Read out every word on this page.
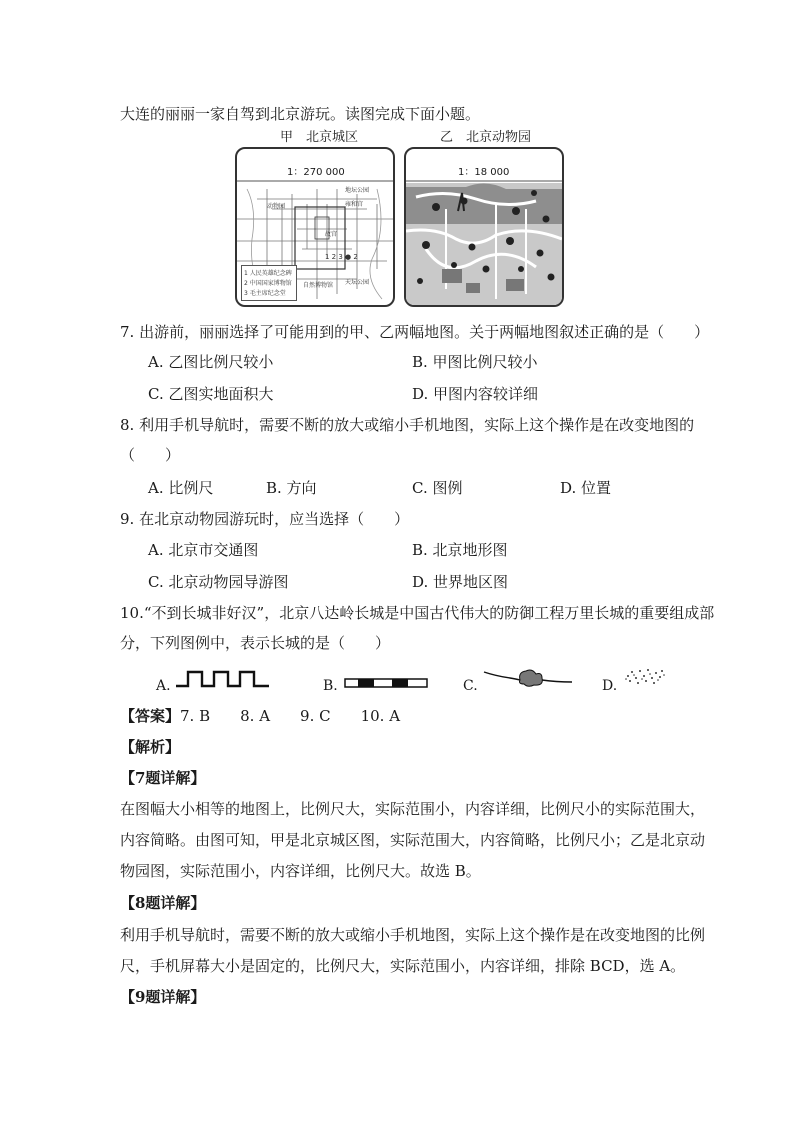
大连的丽丽一家自驾到北京游玩。读图完成下面小题。
甲　北京城区	乙　北京动物园
1：270 000
地坛公园
雍和宫
动物园
故宫
天坛公园
自然博物馆
1 2 3 ● 2
1 人民英雄纪念碑
2 中国国家博物馆
3 毛主席纪念堂
1：18 000
7. 出游前，丽丽选择了可能用到的甲、乙两幅地图。关于两幅地图叙述正确的是（　　）
A. 乙图比例尺较小	B. 甲图比例尺较小
C. 乙图实地面积大	D. 甲图内容较详细
8. 利用手机导航时，需要不断的放大或缩小手机地图，实际上这个操作是在改变地图的
（　　）
A. 比例尺	B. 方向	C. 图例	D. 位置
9. 在北京动物园游玩时，应当选择（　　）
A. 北京市交通图	B. 北京地形图
C. 北京动物园导游图	D. 世界地区图
10.“不到长城非好汉”，北京八达岭长城是中国古代伟大的防御工程万里长城的重要组成部
分，下列图例中，表示长城的是（　　）
A.	B.	C.	D.
【答案】7. B　　8. A　　9. C　　10. A
【解析】
【7题详解】
在图幅大小相等的地图上，比例尺大，实际范围小，内容详细，比例尺小的实际范围大，
内容简略。由图可知，甲是北京城区图，实际范围大，内容简略，比例尺小；乙是北京动
物园图，实际范围小，内容详细，比例尺大。故选 B。
【8题详解】
利用手机导航时，需要不断的放大或缩小手机地图，实际上这个操作是在改变地图的比例
尺，手机屏幕大小是固定的，比例尺大，实际范围小，内容详细，排除 BCD，选 A。
【9题详解】
